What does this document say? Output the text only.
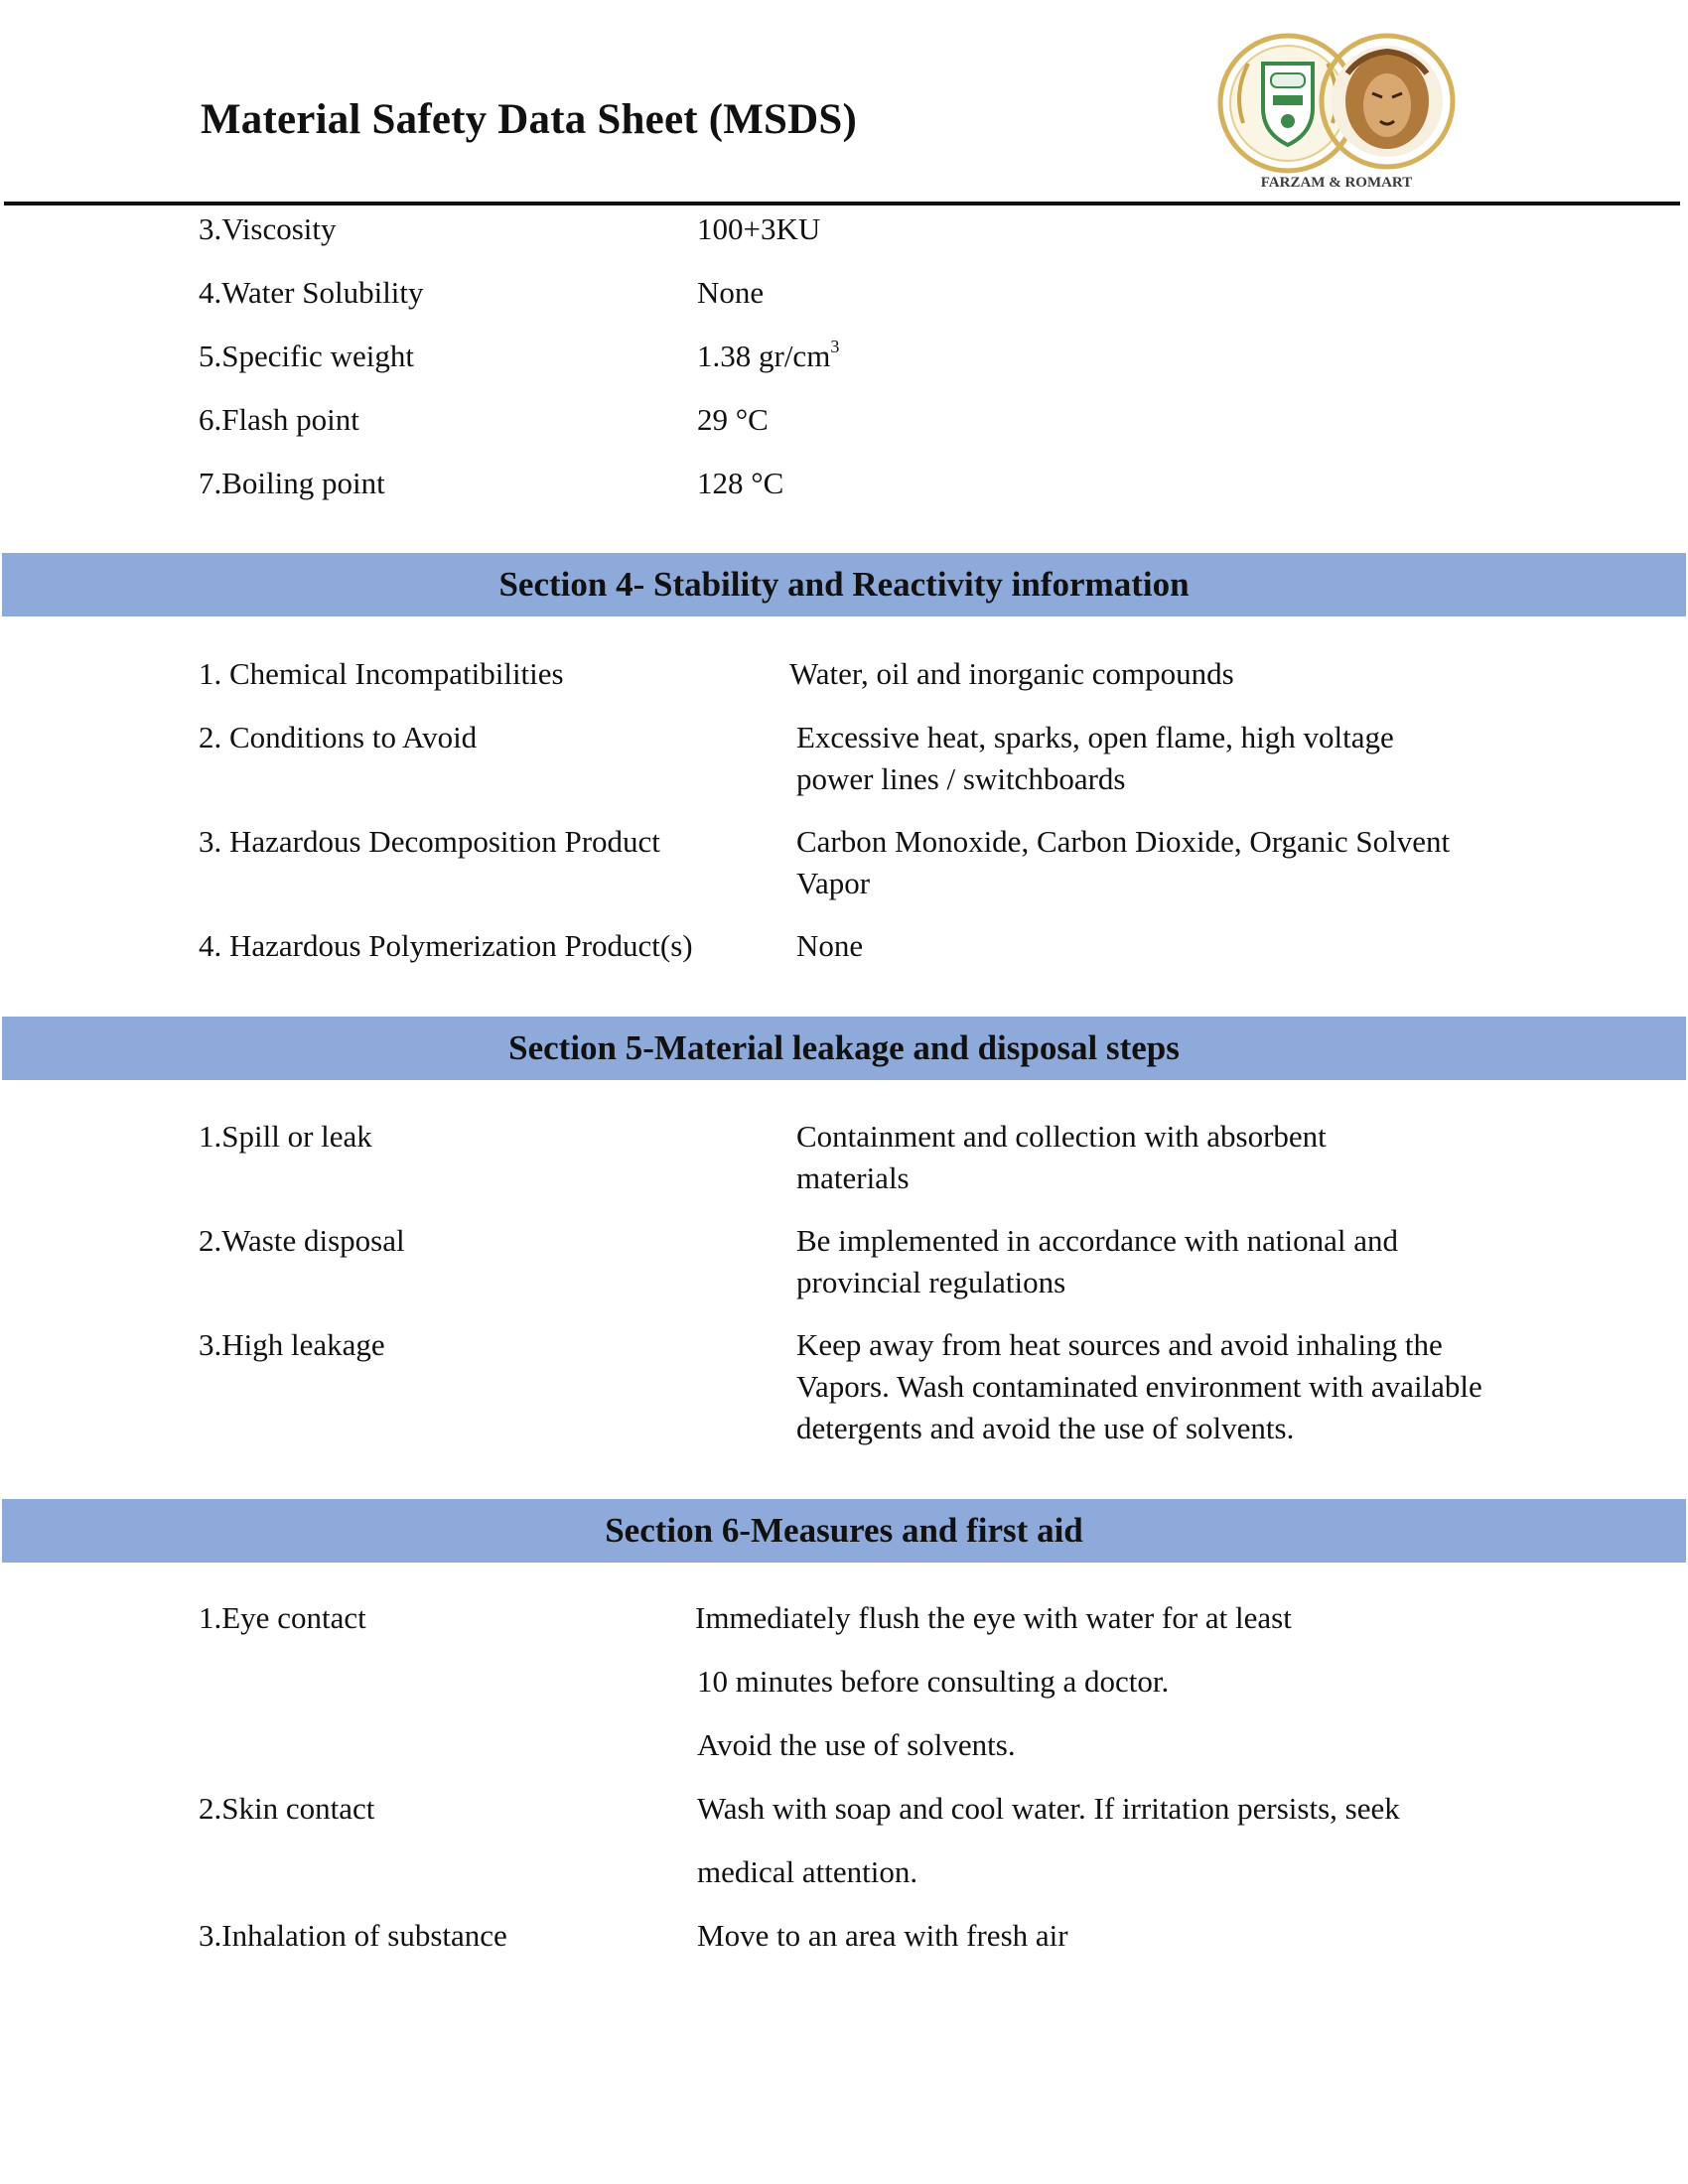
Material Safety Data Sheet (MSDS)
FARZAM & ROMART
3.Viscosity	100+3KU
4.Water Solubility	None
5.Specific weight	1.38 $gr/cm^3$
6.Flash point	29 °C
7.Boiling point	128 °C
Section 4- Stability and Reactivity information
1. Chemical Incompatibilities	Water, oil and inorganic compounds
2. Conditions to Avoid	Excessive heat, sparks, open flame, high voltage power lines / switchboards
3. Hazardous Decomposition Product	Carbon Monoxide, Carbon Dioxide, Organic Solvent Vapor
4. Hazardous Polymerization Product(s)	None
Section 5-Material leakage and disposal steps
1.Spill or leak	Containment and collection with absorbent materials
2.Waste disposal	Be implemented in accordance with national and provincial regulations
3.High leakage	Keep away from heat sources and avoid inhaling the Vapors. Wash contaminated environment with available detergents and avoid the use of solvents.
Section 6-Measures and first aid
1.Eye contact	Immediately flush the eye with water for at least
10 minutes before consulting a doctor.
Avoid the use of solvents.
2.Skin contact	Wash with soap and cool water. If irritation persists, seek
medical attention.
3.Inhalation of substance	Move to an area with fresh air
